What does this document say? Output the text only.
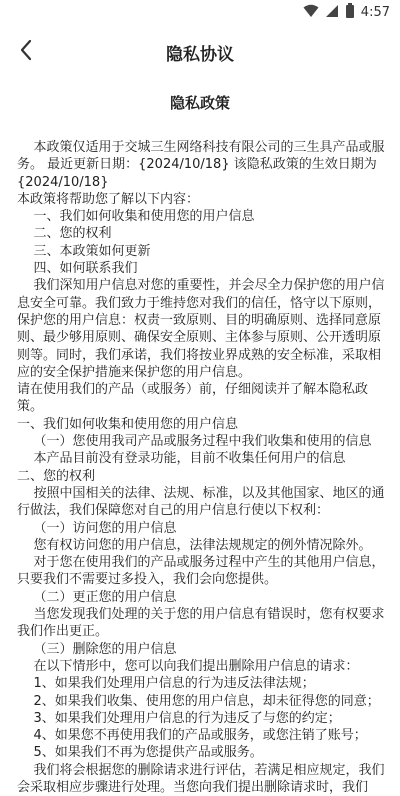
4:57
隐私协议
隐私政策

本政策仅适用于交城三生网络科技有限公司的三生具产品或服务。 最近更新日期：{2024/10/18} 该隐私政策的生效日期为{2024/10/18}

本政策将帮助您了解以下内容：

一、我们如何收集和使用您的用户信息

二、您的权利

三、本政策如何更新

四、如何联系我们

我们深知用户信息对您的重要性，并会尽全力保护您的用户信息安全可靠。我们致力于维持您对我们的信任，恪守以下原则，保护您的用户信息：权责一致原则、目的明确原则、选择同意原则、最少够用原则、确保安全原则、主体参与原则、公开透明原则等。同时，我们承诺，我们将按业界成熟的安全标准，采取相应的安全保护措施来保护您的用户信息。

请在使用我们的产品（或服务）前，仔细阅读并了解本隐私政策。

一、我们如何收集和使用您的用户信息

（一）您使用我司产品或服务过程中我们收集和使用的信息

本产品目前没有登录功能，目前不收集任何用户的信息

二、您的权利

按照中国相关的法律、法规、标准，以及其他国家、地区的通行做法，我们保障您对自己的用户信息行使以下权利：

（一）访问您的用户信息

您有权访问您的用户信息，法律法规规定的例外情况除外。

对于您在使用我们的产品或服务过程中产生的其他用户信息，只要我们不需要过多投入，我们会向您提供。

（二）更正您的用户信息

当您发现我们处理的关于您的用户信息有错误时，您有权要求我们作出更正。

（三）删除您的用户信息

在以下情形中，您可以向我们提出删除用户信息的请求：

1、如果我们处理用户信息的行为违反法律法规；

2、如果我们收集、使用您的用户信息，却未征得您的同意；

3、如果我们处理用户信息的行为违反了与您的约定；

4、如果您不再使用我们的产品或服务，或您注销了账号；

5、如果我们不再为您提供产品或服务。

我们将会根据您的删除请求进行评估，若满足相应规定，我们会采取相应步骤进行处理。当您向我们提出删除请求时，我们
